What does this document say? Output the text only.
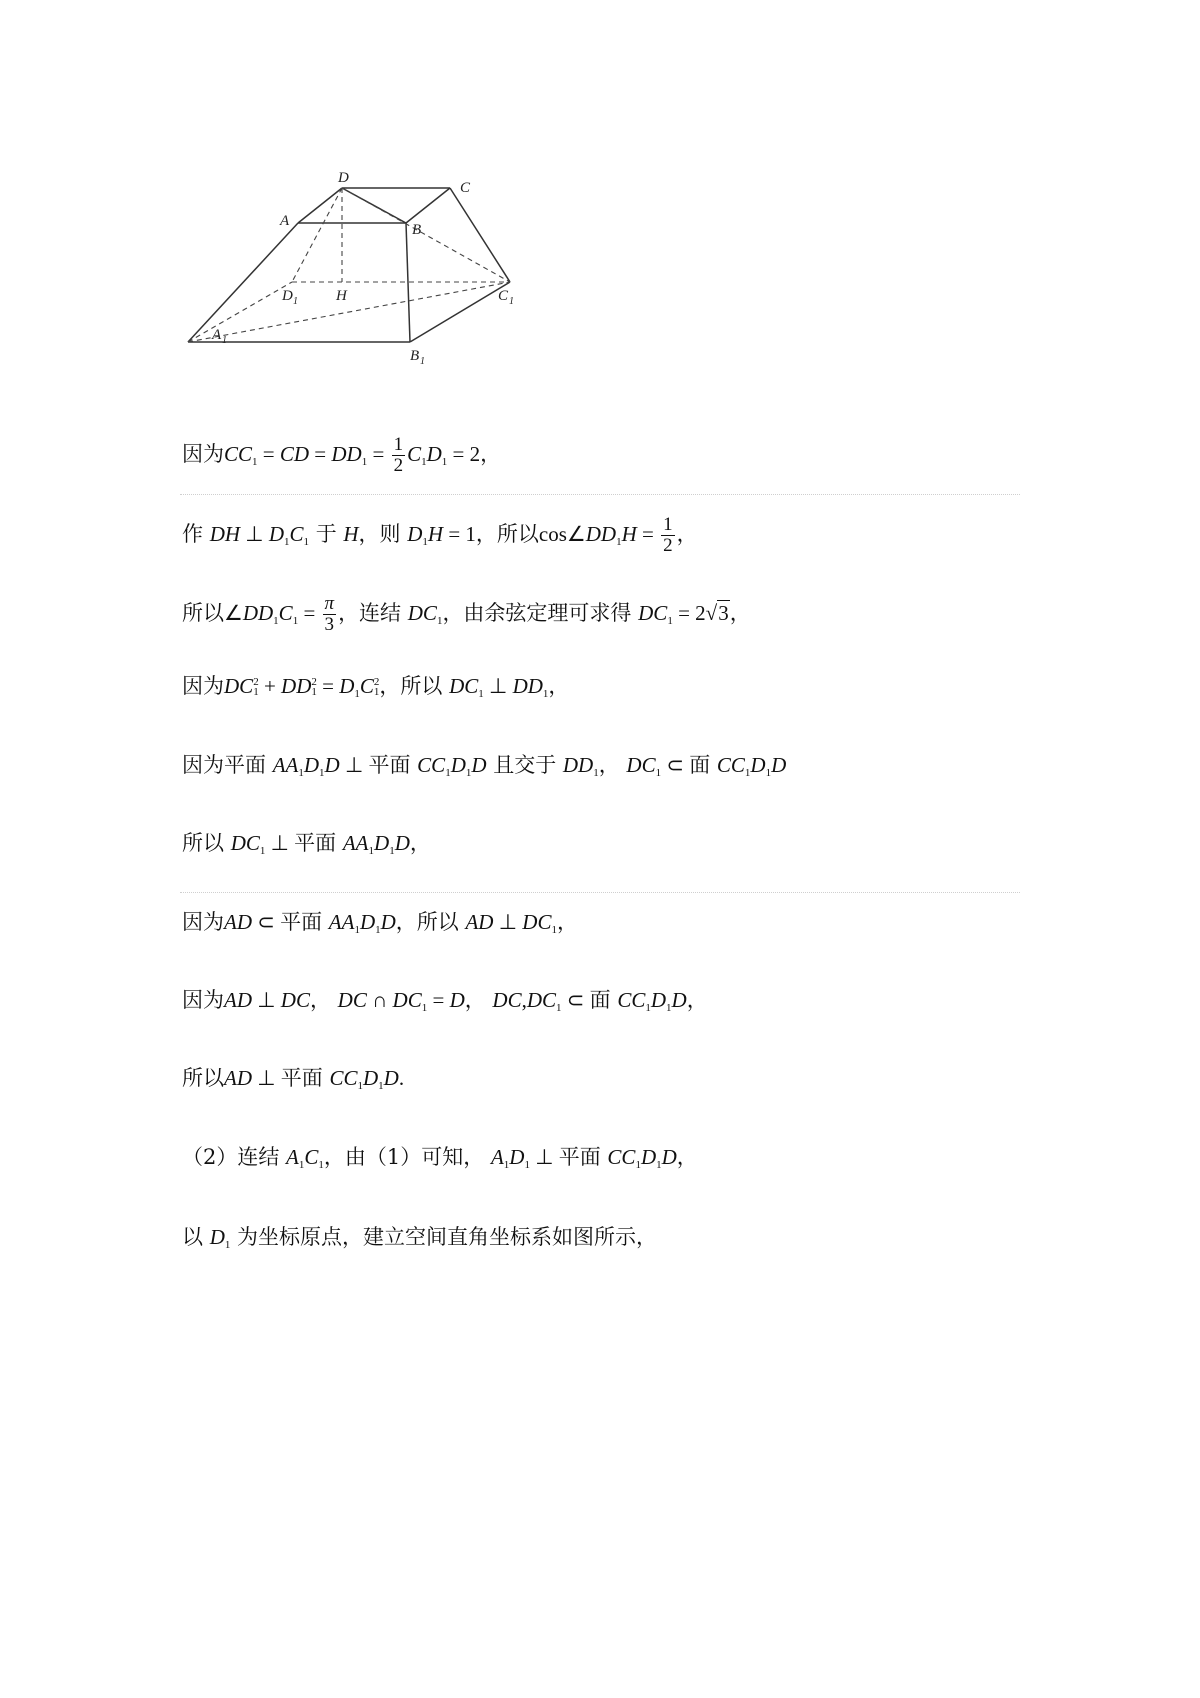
D
C
A
B
D 1	H	C 1
A 1
B 1
因为$CC_1$ = CD = $DD_1 = \frac{1}{2} C_1D_1 = 2$，
作 DH ⊥ $D_1C_1$ 于 H，则 $D_1H = 1$，所以$\cos\angle DD_1H = \frac{1}{2}$ ，
所以$\angle DD_1C_1 = \frac{\pi}{3}$ ，连结 $DC_1$，由余弦定理可求得 $DC_1 = 2√3$，
因为DC 2
1 + DD 2
$1 = D_1C$ 2
1 ，所以 $DC_1$ ⊥ $DD_1$，
因为平面 $AA_1D_1D$ ⊥ 平面 $CC_1D_1D$ 且交于 $DD_1$， $DC_1$ ⊂ 面 $CC_1D_1D$
所以 $DC_1$ ⊥ 平面 $AA_1D_1D$，
因为AD ⊂ 平面 $AA_1D_1D$，所以 AD ⊥ $DC_1$，
因为AD ⊥ DC， DC ∩ $DC_1 = D$， $DC,DC_1$ ⊂ 面 $CC_1D_1D$，
所以AD ⊥ 平面 $CC_1D_1D$.
（2）连结 $A_1C_1$，由（1）可知， $A_1D_1$ ⊥ 平面 $CC_1D_1D$，
以 $D_1$ 为坐标原点，建立空间直角坐标系如图所示，
